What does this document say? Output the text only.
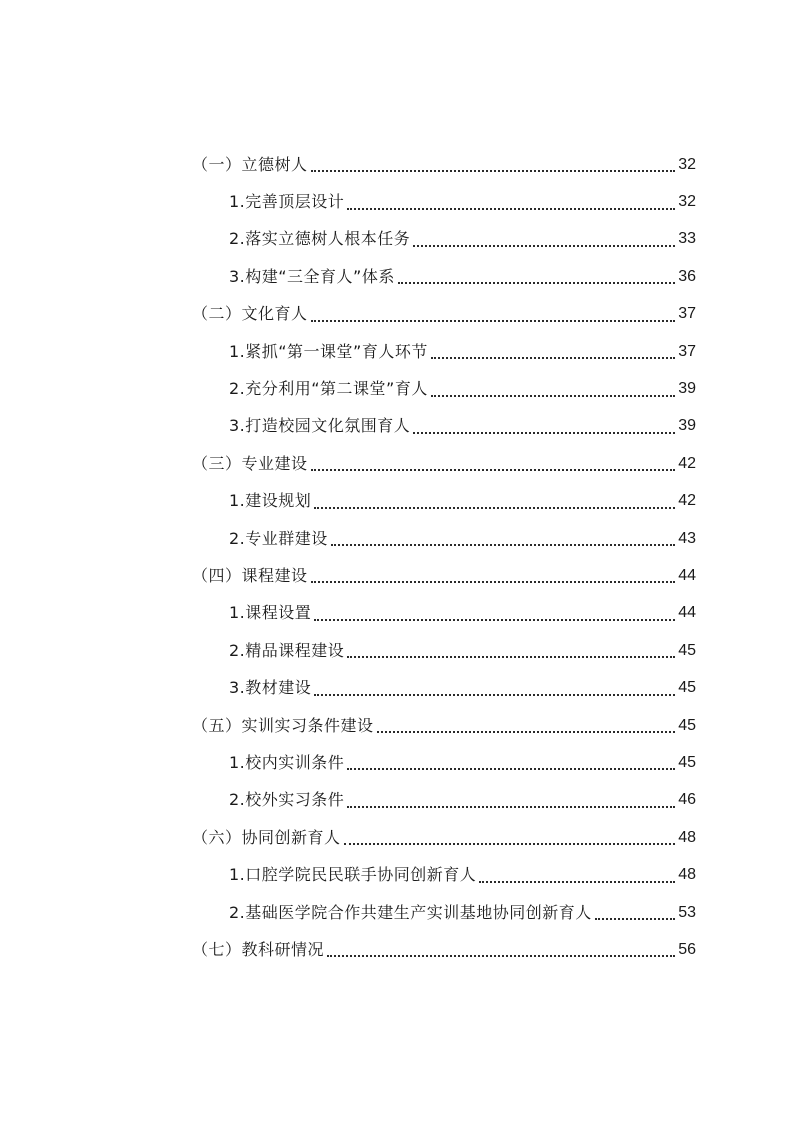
（一）立德树人	32
1.完善顶层设计	32
2.落实立德树人根本任务	33
3.构建“三全育人”体系	36
（二）文化育人	37
1.紧抓“第一课堂”育人环节	37
2.充分利用“第二课堂”育人	39
3.打造校园文化氛围育人	39
（三）专业建设	42
1.建设规划	42
2.专业群建设	43
（四）课程建设	44
1.课程设置	44
2.精品课程建设	45
3.教材建设	45
（五）实训实习条件建设	45
1.校内实训条件	45
2.校外实习条件	46
（六）协同创新育人	48
1.口腔学院民民联手协同创新育人	48
2.基础医学院合作共建生产实训基地协同创新育人	53
（七）教科研情况	56
